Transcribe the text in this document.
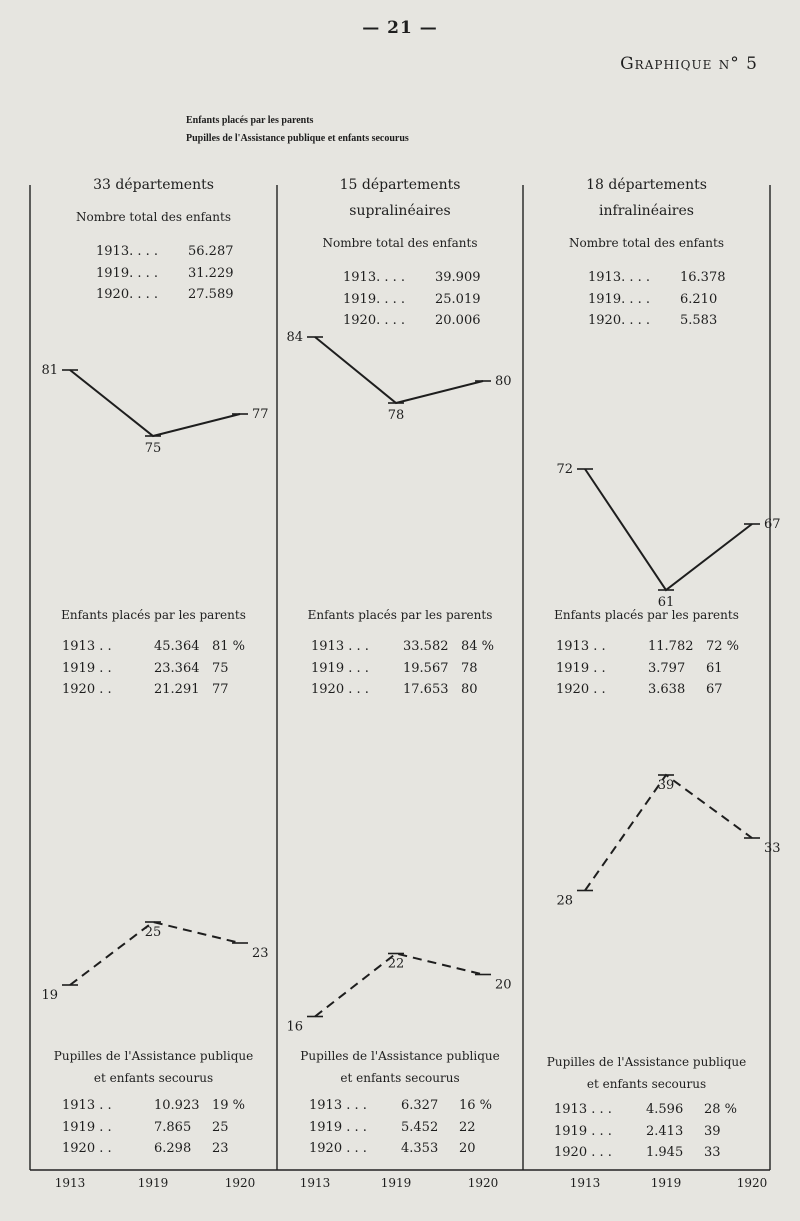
— 21 —
Graphique n° 5
Enfants placés par les parents
Pupilles de l'Assistance publique et enfants secourus
81
75
77
19
25
23
1913	1919	1920
84
78
80
16
22
20
1913	1919	1920
72
61
67
28
39
33
1913	1919	1920
33 départements
Nombre total des enfants
Enfants placés par les parents
Pupilles de l'Assistance publique
et enfants secourus
1913. . . . 56.287
1919. . . . 31.229
1920. . . . 27.589
1913 . .	45.364 81 %
1919 . .	23.364 75
1920 . .	21.291 77
1913 . .	10.923 19 %
1919 . .	7.865 25
1920 . .	6.298 23
15 départements
supralinéaires
Nombre total des enfants
Enfants placés par les parents
Pupilles de l'Assistance publique
et enfants secourus
1913. . . . 39.909
1919. . . . 25.019
1920. . . . 20.006
1913 . . .	33.582 84 %
1919 . . .	19.567 78
1920 . . .	17.653 80
1913 . . .	6.327 16 %
1919 . . .	5.452 22
1920 . . .	4.353 20
18 départements
infralinéaires
Nombre total des enfants
Enfants placés par les parents
Pupilles de l'Assistance publique
et enfants secourus
1913. . . . 16.378
1919. . . . 6.210
1920. . . . 5.583
1913 . .	11.782 72 %
1919 . .	3.797 61
1920 . .	3.638 67
1913 . . .	4.596 28 %
1919 . . .	2.413 39
1920 . . .	1.945 33
